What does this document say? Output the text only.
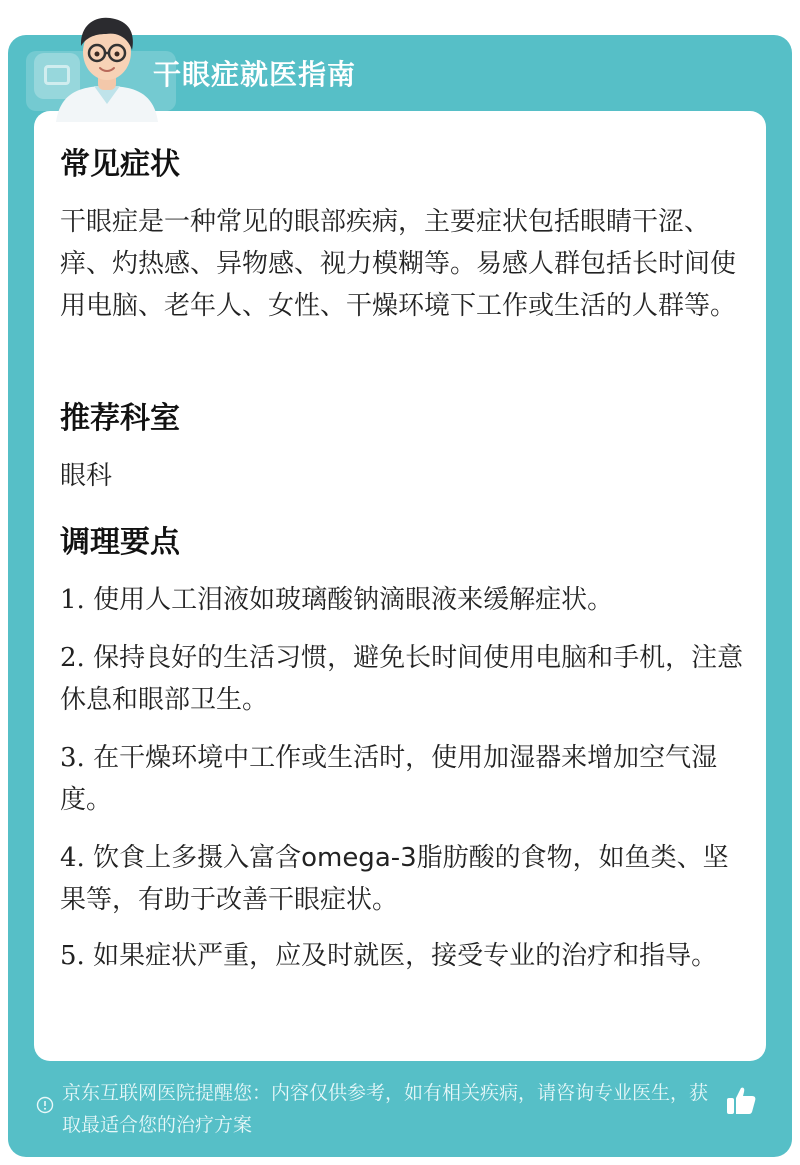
干眼症就医指南
常见症状
干眼症是一种常见的眼部疾病，主要症状包括眼睛干涩、痒、灼热感、异物感、视力模糊等。易感人群包括长时间使用电脑、老年人、女性、干燥环境下工作或生活的人群等。
推荐科室
眼科
调理要点
1. 使用人工泪液如玻璃酸钠滴眼液来缓解症状。
2. 保持良好的生活习惯，避免长时间使用电脑和手机，注意休息和眼部卫生。
3. 在干燥环境中工作或生活时，使用加湿器来增加空气湿度。
4. 饮食上多摄入富含omega-3脂肪酸的食物，如鱼类、坚果等，有助于改善干眼症状。
5. 如果症状严重，应及时就医，接受专业的治疗和指导。
京东互联网医院提醒您：内容仅供参考，如有相关疾病，请咨询专业医生，获取最适合您的治疗方案
